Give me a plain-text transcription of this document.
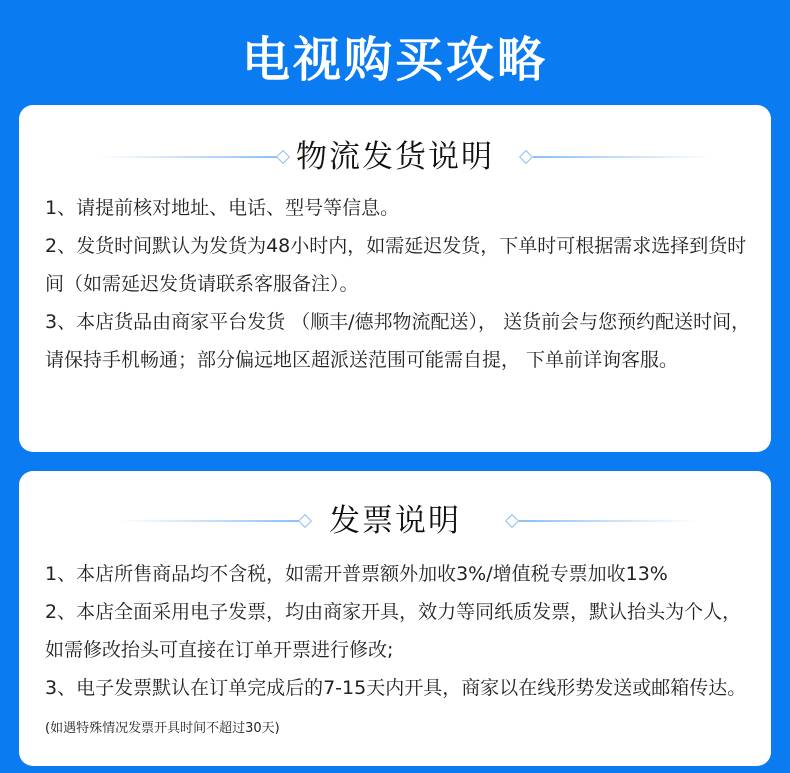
电视购买攻略
物流发货说明
1、请提前核对地址、电话、型号等信息。
2、发货时间默认为发货为48小时内，如需延迟发货，下单时可根据需求选择到货时间（如需延迟发货请联系客服备注）。
3、本店货品由商家平台发货 （顺丰/德邦物流配送）， 送货前会与您预约配送时间，请保持手机畅通；部分偏远地区超派送范围可能需自提， 下单前详询客服。
发票说明
1、本店所售商品均不含税，如需开普票额外加收3%/增值税专票加收13%
2、本店全面采用电子发票，均由商家开具，效力等同纸质发票，默认抬头为个人，如需修改抬头可直接在订单开票进行修改;
3、电子发票默认在订单完成后的7-15天内开具，商家以在线形势发送或邮箱传达。(如遇特殊情况发票开具时间不超过30天)
